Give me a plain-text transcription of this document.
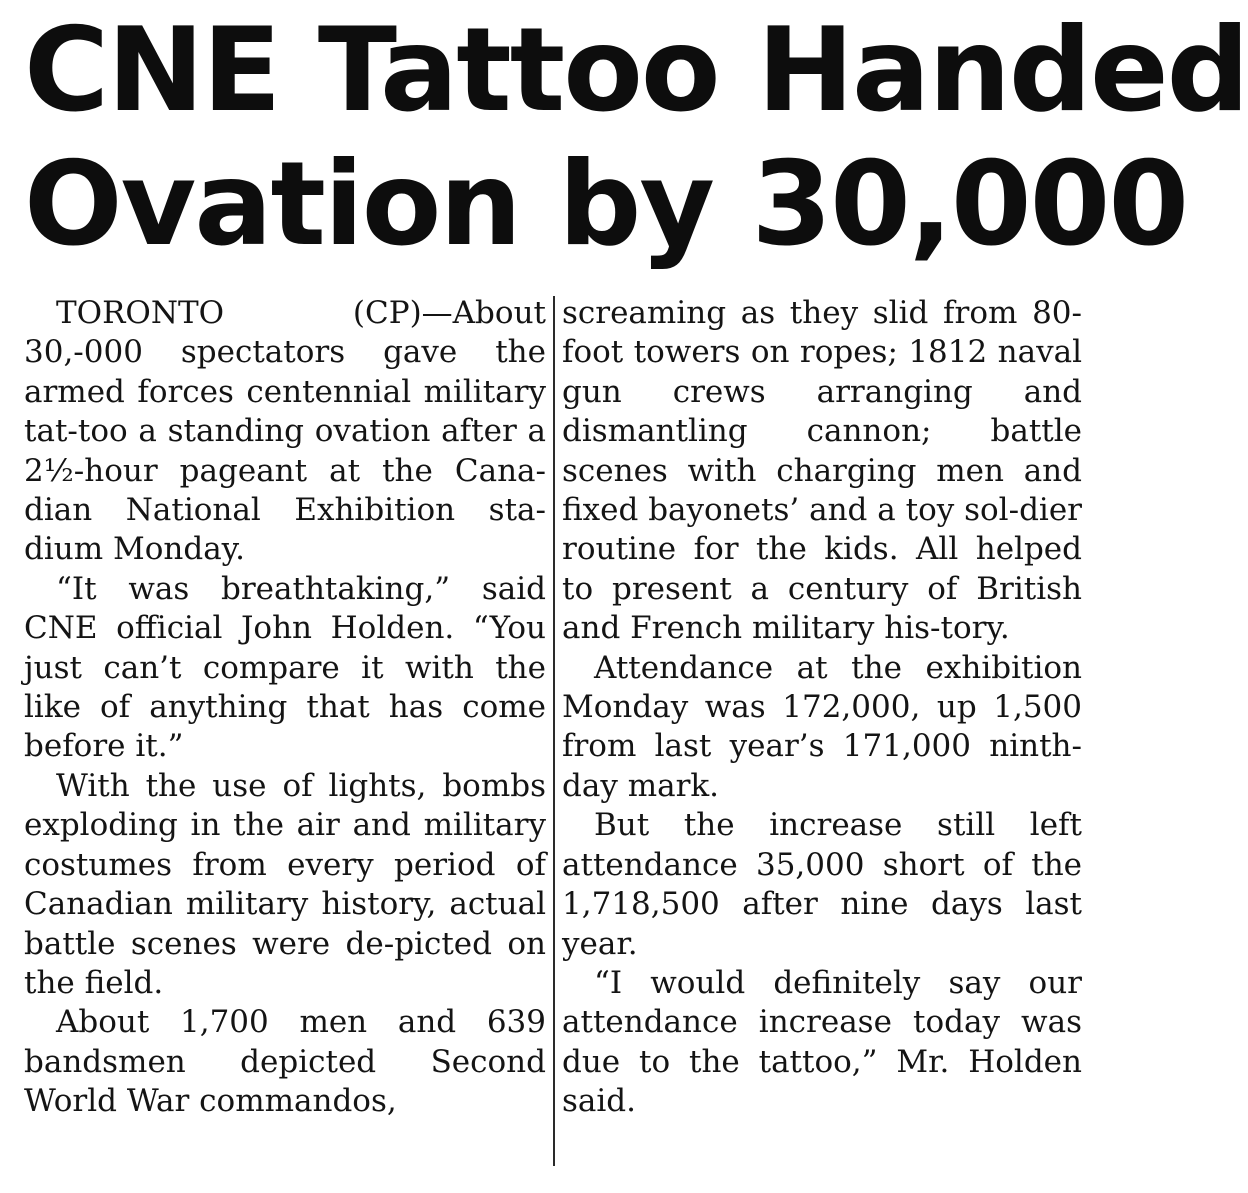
CNE Tattoo Handed
Ovation by 30,000

TORONTO (CP)—About 30,-000 spectators gave the armed forces centennial military tat-too a standing ovation after a 2½-hour pageant at the Cana-dian National Exhibition sta-dium Monday.

“It was breathtaking,” said CNE official John Holden. “You just can’t compare it with the like of anything that has come before it.”

With the use of lights, bombs exploding in the air and military costumes from every period of Canadian military history, actual battle scenes were de-picted on the field.

About 1,700 men and 639 bandsmen depicted Second World War commandos,

screaming as they slid from 80-foot towers on ropes; 1812 naval gun crews arranging and dismantling cannon; battle scenes with charging men and fixed bayonets’ and a toy sol-dier routine for the kids. All helped to present a century of British and French military his-tory.

Attendance at the exhibition Monday was 172,000, up 1,500 from last year’s 171,000 ninth-day mark.

But the increase still left attendance 35,000 short of the 1,718,500 after nine days last year.

“I would definitely say our attendance increase today was due to the tattoo,” Mr. Holden said.
